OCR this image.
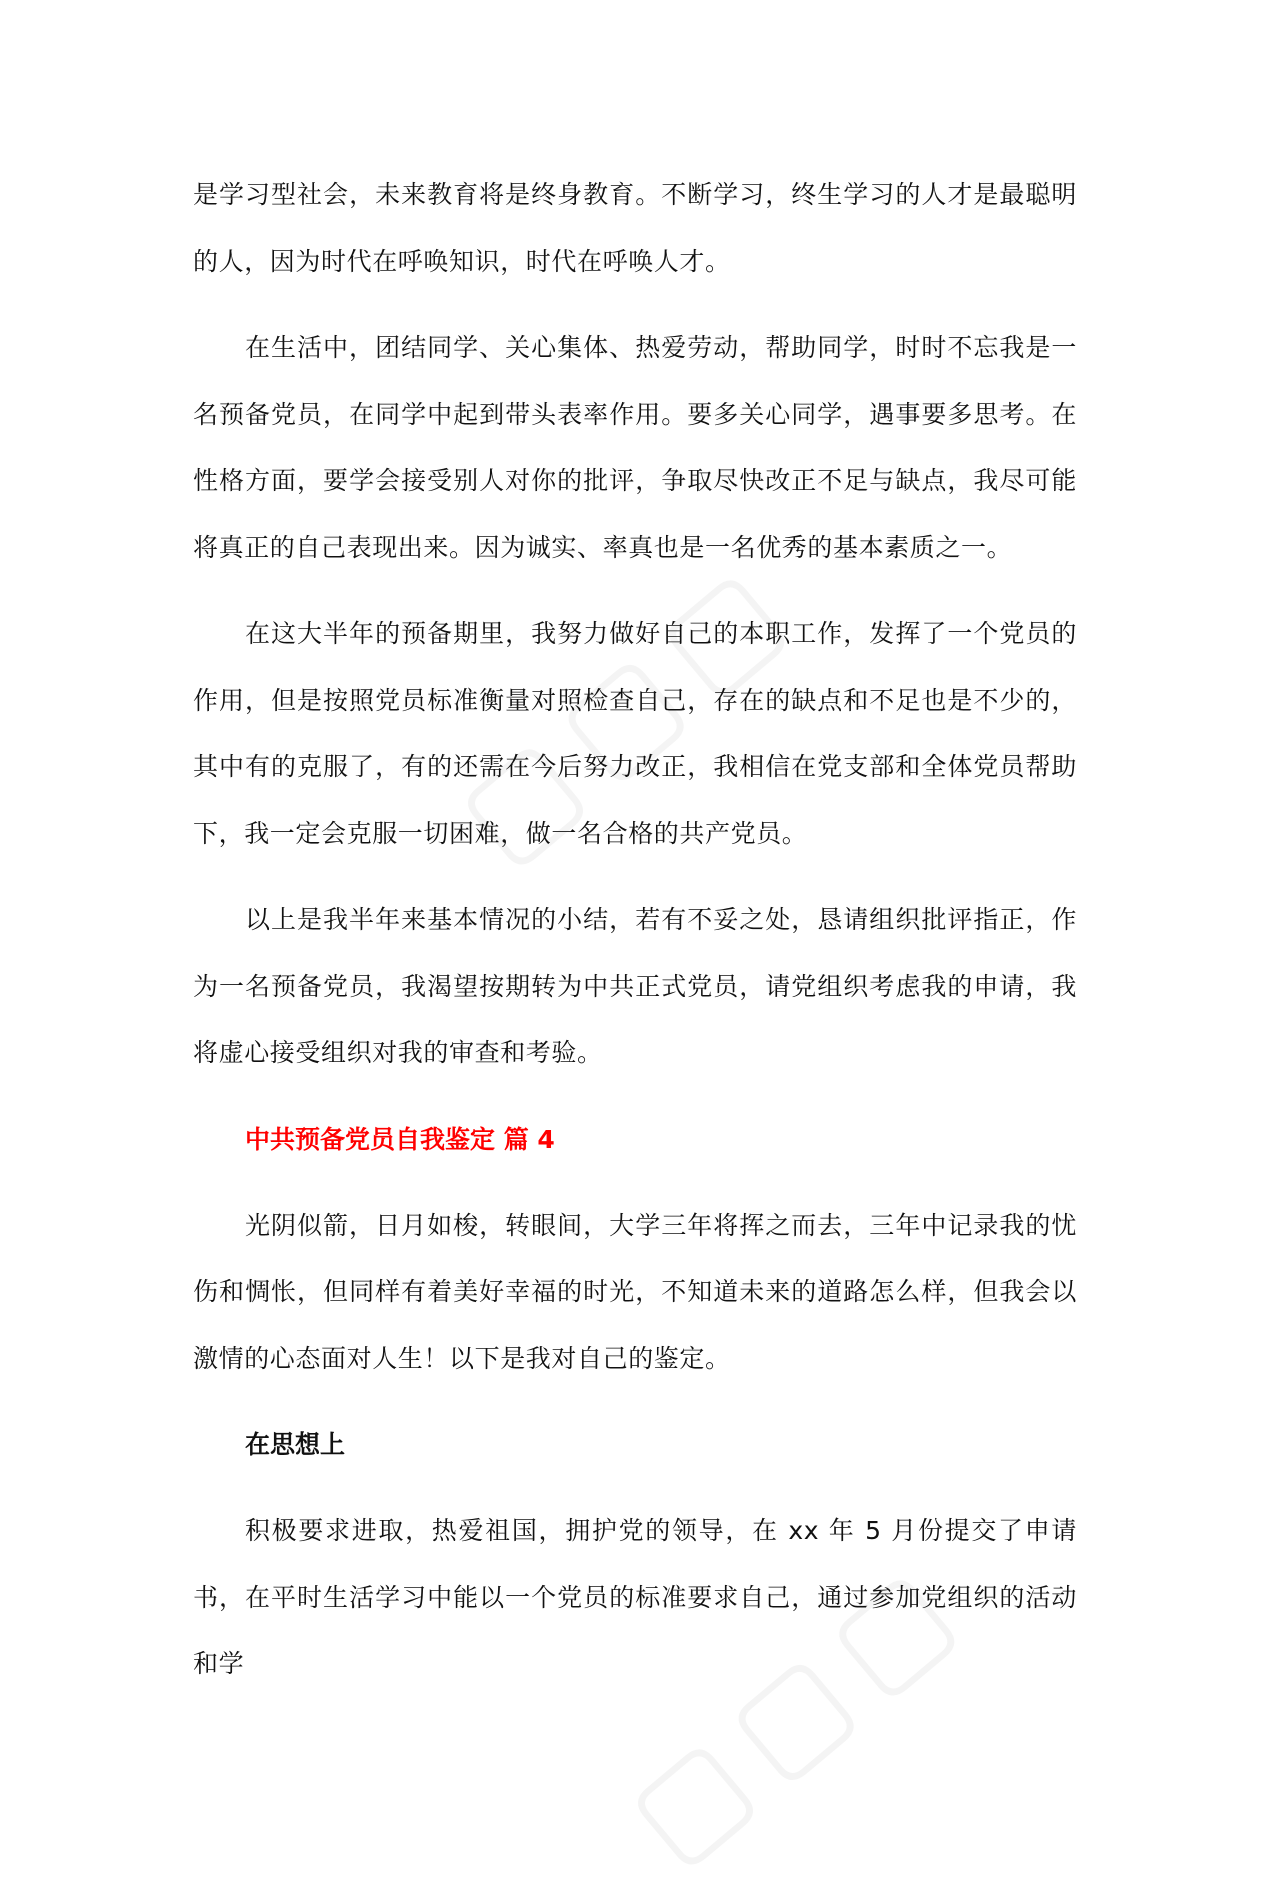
是学习型社会，未来教育将是终身教育。不断学习，终生学习的人才是最聪明的人，因为时代在呼唤知识，时代在呼唤人才。

在生活中，团结同学、关心集体、热爱劳动，帮助同学，时时不忘我是一名预备党员，在同学中起到带头表率作用。要多关心同学，遇事要多思考。在性格方面，要学会接受别人对你的批评，争取尽快改正不足与缺点，我尽可能将真正的自己表现出来。因为诚实、率真也是一名优秀的基本素质之一。

在这大半年的预备期里，我努力做好自己的本职工作，发挥了一个党员的作用，但是按照党员标准衡量对照检查自己，存在的缺点和不足也是不少的，其中有的克服了，有的还需在今后努力改正，我相信在党支部和全体党员帮助下，我一定会克服一切困难，做一名合格的共产党员。

以上是我半年来基本情况的小结，若有不妥之处，恳请组织批评指正，作为一名预备党员，我渴望按期转为中共正式党员，请党组织考虑我的申请，我将虚心接受组织对我的审查和考验。

中共预备党员自我鉴定 篇 4

光阴似箭，日月如梭，转眼间，大学三年将挥之而去，三年中记录我的忧伤和惆怅，但同样有着美好幸福的时光，不知道未来的道路怎么样，但我会以激情的心态面对人生！以下是我对自己的鉴定。

在思想上

积极要求进取，热爱祖国，拥护党的领导，在 xx 年 5 月份提交了申请书，在平时生活学习中能以一个党员的标准要求自己，通过参加党组织的活动和学
